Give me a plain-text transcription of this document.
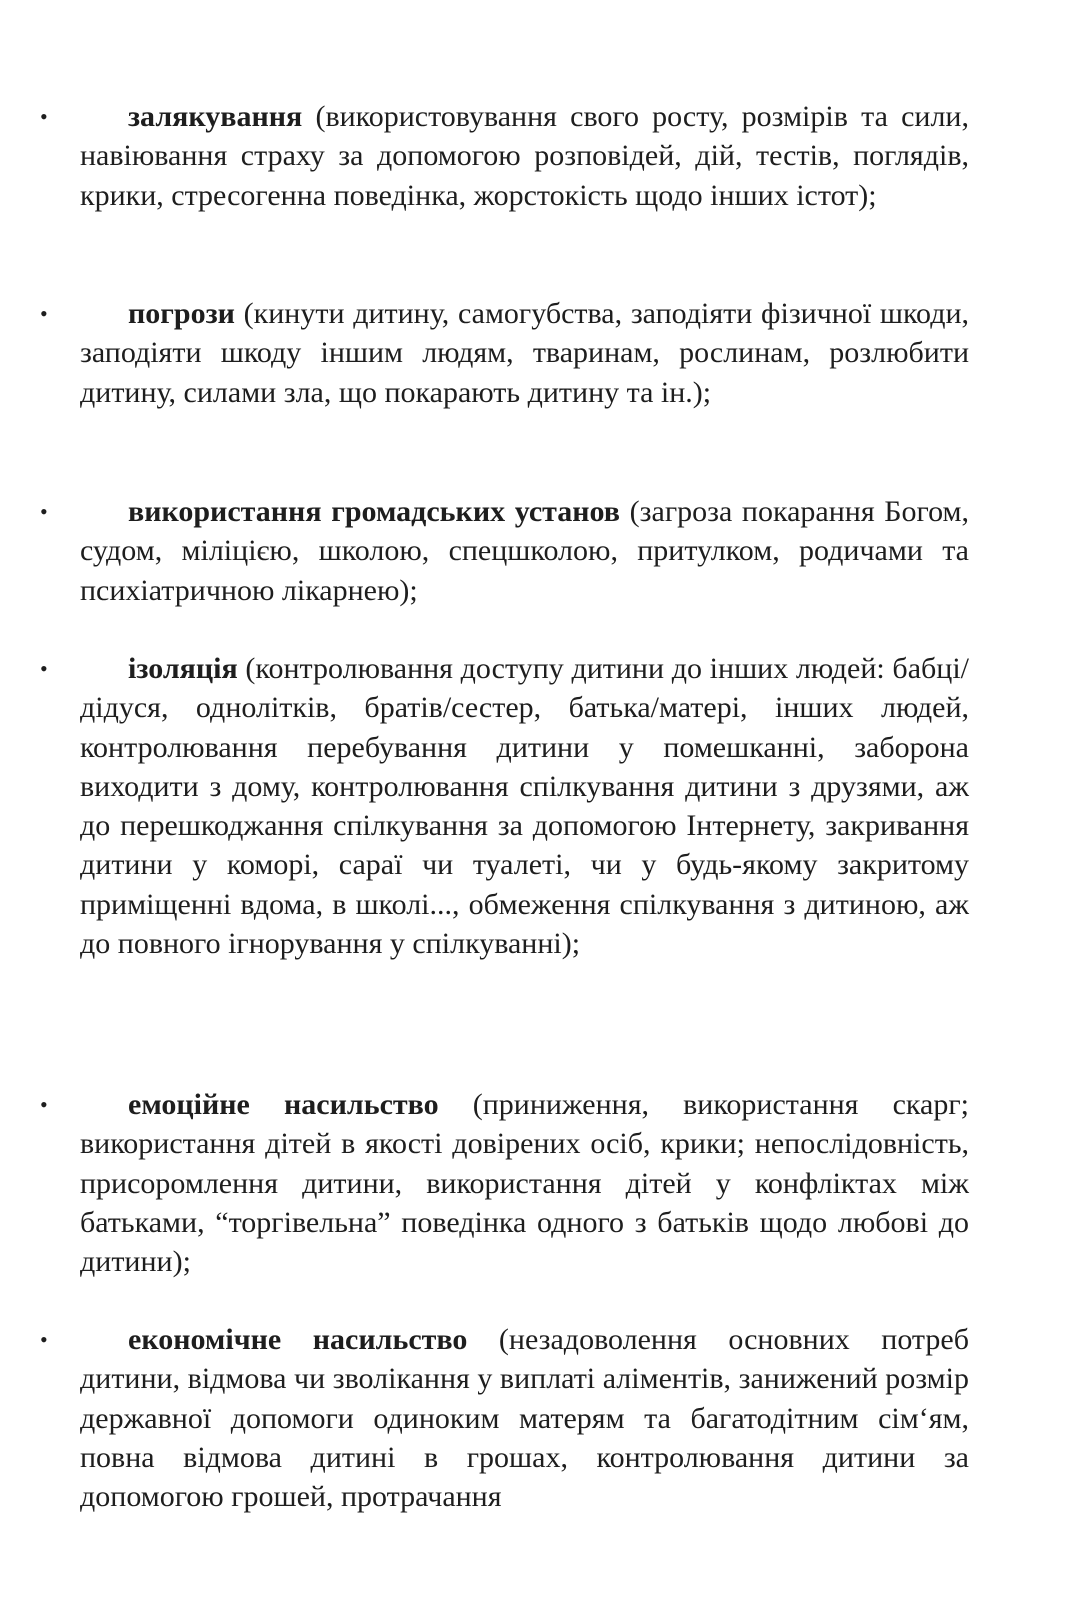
•	залякування (використовування свого росту, розмірів та сили, навіювання страху за допомогою розповідей, дій, тестів, поглядів, крики, стресогенна поведінка, жорстокість щодо інших істот);

•	погрози (кинути дитину, самогубства, заподіяти фізичної шкоди, заподіяти шкоду іншим людям, тваринам, рослинам, розлюбити дитину, силами зла, що покарають дитину та ін.);

•	використання громадських установ (загроза покарання Богом, судом, міліцією, школою, спецшколою, притулком, родичами та психіатричною лікарнею);

•	ізоляція (контролювання доступу дитини до інших людей: бабці/дідуся, однолітків, братів/сестер, батька/матері, інших людей, контролювання перебування дитини у помешканні, заборона виходити з дому, контролювання спілкування дитини з друзями, аж до перешкоджання спілкування за допомогою Інтернету, закривання дитини у коморі, сараї чи туалеті, чи у будь-якому закритому приміщенні вдома, в школі..., обмеження спілкування з дитиною, аж до повного ігнорування у спілкуванні);

•	емоційне насильство (приниження, використання скарг; використання дітей в якості довірених осіб, крики; непослідовність, присоромлення дитини, використання дітей у конфліктах між батьками, “торгівельна” поведінка одного з батьків щодо любові до дитини);

•	економічне насильство (незадоволення основних потреб дитини, відмова чи зволікання у виплаті аліментів, занижений розмір державної допомоги одиноким матерям та багатодітним сім‘ям, повна відмова дитині в грошах, контролювання дитини за допомогою грошей, протрачання
